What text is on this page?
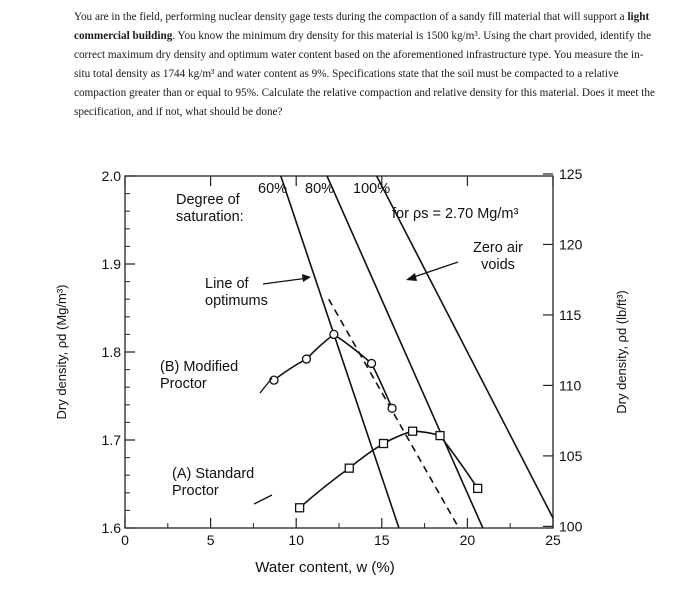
You are in the field, performing nuclear density gage tests during the compaction of a sandy fill material that will support a light commercial building. You know the minimum dry density for this material is 1500 kg/m³. Using the chart provided, identify the correct maximum dry density and optimum water content based on the aforementioned infrastructure type. You measure the in-situ total density as 1744 kg/m³ and water content as 9%. Specifications state that the soil must be compacted to a relative compaction greater than or equal to 95%. Calculate the relative compaction and relative density for this material. Does it meet the specification, and if not, what should be done?
0	5	10	15	20	25
1.6
1.7
1.8
1.9
2.0
100
105
110
115
120
125
Water content, w (%)
Dry density, ρd (Mg/m³)	Dry density, ρd (lb/ft³)
Degree of saturation:
60% 80% 100%
for ρs = 2.70 Mg/m³
Zero air voids
Line of optimums
(B) Modified Proctor
(A) Standard Proctor
